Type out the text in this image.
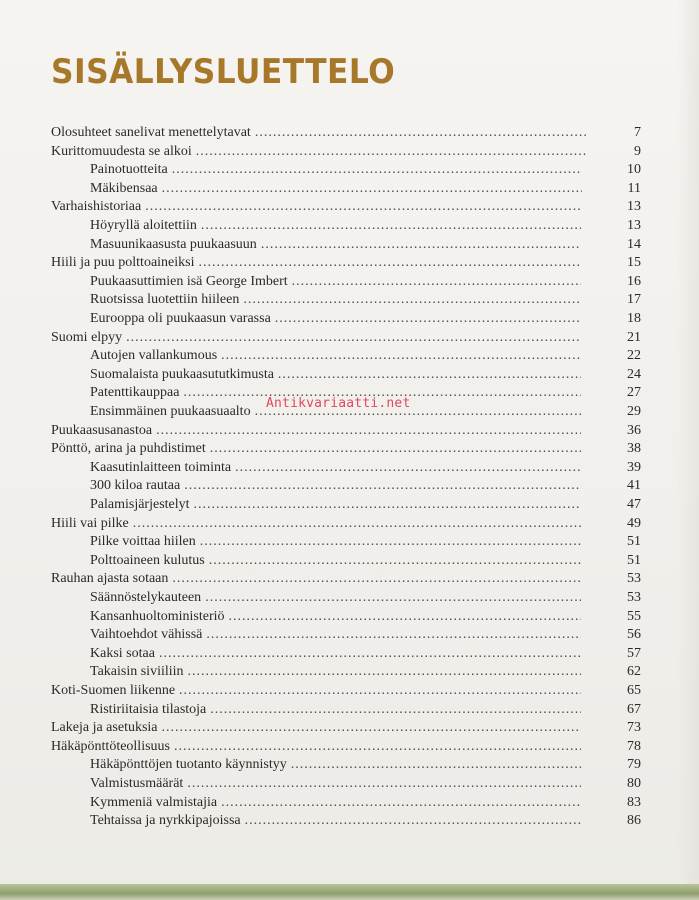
SISÄLLYSLUETTELO
Olosuhteet sanelivat menettelytavat .....	7
Kurittomuudesta se alkoi .....	9
Painotuotteita .....	10
Mäkibensaa .....	11
Varhaishistoriaa .....	13
Höyryllä aloitettiin .....	13
Masuunikaasusta puukaasuun .....	14
Hiili ja puu polttoaineiksi .....	15
Puukaasuttimien isä George Imbert .....	16
Ruotsissa luotettiin hiileen .....	17
Eurooppa oli puukaasun varassa .....	18
Suomi elpyy .....	21
Autojen vallankumous .....	22
Suomalaista puukaasututkimusta .....	24
Patenttikauppaa .....	27
Ensimmäinen puukaasuaalto .....	29
Puukaasusanastoa .....	36
Pönttö, arina ja puhdistimet .....	38
Kaasutinlaitteen toiminta .....	39
300 kiloa rautaa .....	41
Palamisjärjestelyt .....	47
Hiili vai pilke .....	49
Pilke voittaa hiilen .....	51
Polttoaineen kulutus .....	51
Rauhan ajasta sotaan .....	53
Säännöstelykauteen .....	53
Kansanhuoltoministeriö .....	55
Vaihtoehdot vähissä .....	56
Kaksi sotaa .....	57
Takaisin siviiliin .....	62
Koti-Suomen liikenne .....	65
Ristiriitaisia tilastoja .....	67
Lakeja ja asetuksia .....	73
Häkäpönttöteollisuus .....	78
Häkäpönttöjen tuotanto käynnistyy .....	79
Valmistusmäärät .....	80
Kymmeniä valmistajia .....	83
Tehtaissa ja nyrkkipajoissa .....	86
Antikvariaatti.net
